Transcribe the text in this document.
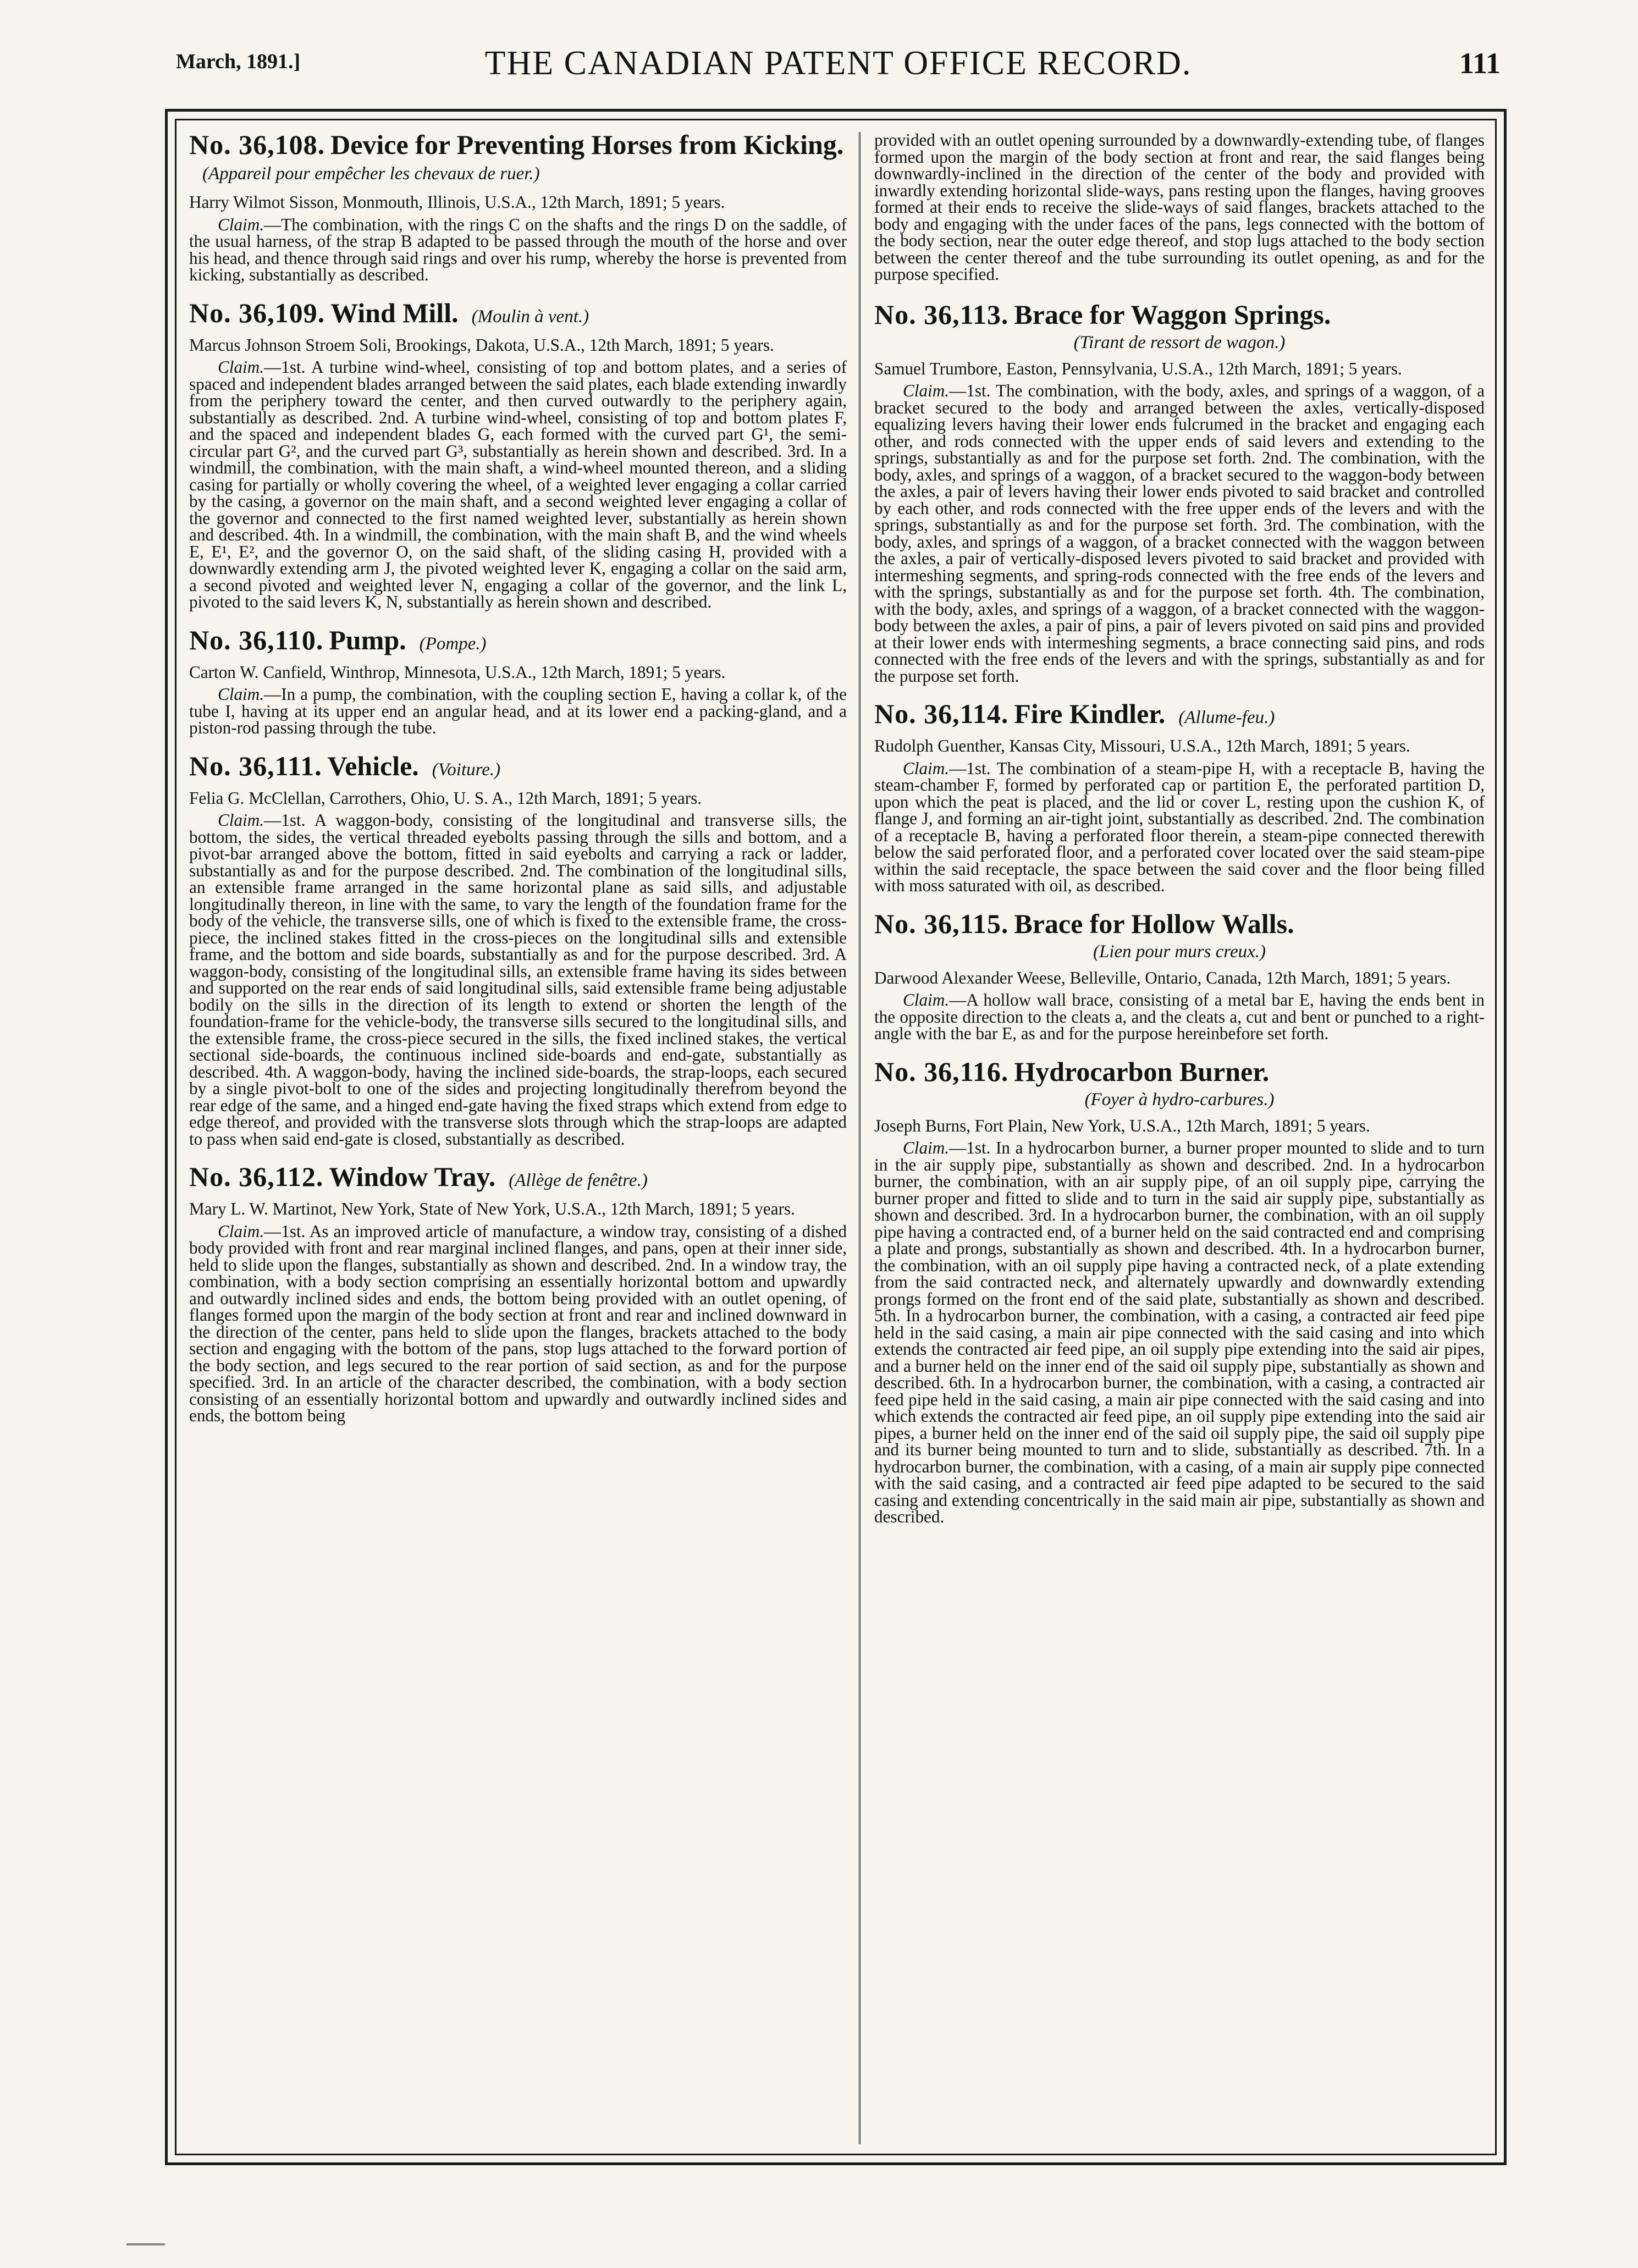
March, 1891.]	THE CANADIAN PATENT OFFICE RECORD.	111
No. 36,108. Device for Preventing Horses from Kicking.(Appareil pour empêcher les chevaux de ruer.)

Harry Wilmot Sisson, Monmouth, Illinois, U.S.A., 12th March, 1891; 5 years.

Claim.—The combination, with the rings C on the shafts and the rings D on the saddle, of the usual harness, of the strap B adapted to be passed through the mouth of the horse and over his head, and thence through said rings and over his rump, whereby the horse is prevented from kicking, substantially as described.

No. 36,109. Wind Mill. (Moulin à vent.)

Marcus Johnson Stroem Soli, Brookings, Dakota, U.S.A., 12th March, 1891; 5 years.

Claim.—1st. A turbine wind-wheel, consisting of top and bottom plates, and a series of spaced and independent blades arranged between the said plates, each blade extending inwardly from the periphery toward the center, and then curved outwardly to the periphery again, substantially as described. 2nd. A turbine wind-wheel, consisting of top and bottom plates F, and the spaced and independent blades G, each formed with the curved part G¹, the semi-circular part G², and the curved part G³, substantially as herein shown and described. 3rd. In a windmill, the combination, with the main shaft, a wind-wheel mounted thereon, and a sliding casing for partially or wholly covering the wheel, of a weighted lever engaging a collar carried by the casing, a governor on the main shaft, and a second weighted lever engaging a collar of the governor and connected to the first named weighted lever, substantially as herein shown and described. 4th. In a windmill, the combination, with the main shaft B, and the wind wheels E, E¹, E², and the governor O, on the said shaft, of the sliding casing H, provided with a downwardly extending arm J, the pivoted weighted lever K, engaging a collar on the said arm, a second pivoted and weighted lever N, engaging a collar of the governor, and the link L, pivoted to the said levers K, N, substantially as herein shown and described.

No. 36,110. Pump. (Pompe.)

Carton W. Canfield, Winthrop, Minnesota, U.S.A., 12th March, 1891; 5 years.

Claim.—In a pump, the combination, with the coupling section E, having a collar k, of the tube I, having at its upper end an angular head, and at its lower end a packing-gland, and a piston-rod passing through the tube.

No. 36,111. Vehicle. (Voiture.)

Felia G. McClellan, Carrothers, Ohio, U. S. A., 12th March, 1891; 5 years.

Claim.—1st. A waggon-body, consisting of the longitudinal and transverse sills, the bottom, the sides, the vertical threaded eyebolts passing through the sills and bottom, and a pivot-bar arranged above the bottom, fitted in said eyebolts and carrying a rack or ladder, substantially as and for the purpose described. 2nd. The combination of the longitudinal sills, an extensible frame arranged in the same horizontal plane as said sills, and adjustable longitudinally thereon, in line with the same, to vary the length of the foundation frame for the body of the vehicle, the transverse sills, one of which is fixed to the extensible frame, the cross-piece, the inclined stakes fitted in the cross-pieces on the longitudinal sills and extensible frame, and the bottom and side boards, substantially as and for the purpose described. 3rd. A waggon-body, consisting of the longitudinal sills, an extensible frame having its sides between and supported on the rear ends of said longitudinal sills, said extensible frame being adjustable bodily on the sills in the direction of its length to extend or shorten the length of the foundation-frame for the vehicle-body, the transverse sills secured to the longitudinal sills, and the extensible frame, the cross-piece secured in the sills, the fixed inclined stakes, the vertical sectional side-boards, the continuous inclined side-boards and end-gate, substantially as described. 4th. A waggon-body, having the inclined side-boards, the strap-loops, each secured by a single pivot-bolt to one of the sides and projecting longitudinally therefrom beyond the rear edge of the same, and a hinged end-gate having the fixed straps which extend from edge to edge thereof, and provided with the transverse slots through which the strap-loops are adapted to pass when said end-gate is closed, substantially as described.

No. 36,112. Window Tray. (Allège de fenêtre.)

Mary L. W. Martinot, New York, State of New York, U.S.A., 12th March, 1891; 5 years.

Claim.—1st. As an improved article of manufacture, a window tray, consisting of a dished body provided with front and rear marginal inclined flanges, and pans, open at their inner side, held to slide upon the flanges, substantially as shown and described. 2nd. In a window tray, the combination, with a body section comprising an essentially horizontal bottom and upwardly and outwardly inclined sides and ends, the bottom being provided with an outlet opening, of flanges formed upon the margin of the body section at front and rear and inclined downward in the direction of the center, pans held to slide upon the flanges, brackets attached to the body section and engaging with the bottom of the pans, stop lugs attached to the forward portion of the body section, and legs secured to the rear portion of said section, as and for the purpose specified. 3rd. In an article of the character described, the combination, with a body section consisting of an essentially horizontal bottom and upwardly and outwardly inclined sides and ends, the bottom being

provided with an outlet opening surrounded by a downwardly-extending tube, of flanges formed upon the margin of the body section at front and rear, the said flanges being downwardly-inclined in the direction of the center of the body and provided with inwardly extending horizontal slide-ways, pans resting upon the flanges, having grooves formed at their ends to receive the slide-ways of said flanges, brackets attached to the body and engaging with the under faces of the pans, legs connected with the bottom of the body section, near the outer edge thereof, and stop lugs attached to the body section between the center thereof and the tube surrounding its outlet opening, as and for the purpose specified.

No. 36,113. Brace for Waggon Springs.
(Tirant de ressort de wagon.)

Samuel Trumbore, Easton, Pennsylvania, U.S.A., 12th March, 1891; 5 years.

Claim.—1st. The combination, with the body, axles, and springs of a waggon, of a bracket secured to the body and arranged between the axles, vertically-disposed equalizing levers having their lower ends fulcrumed in the bracket and engaging each other, and rods connected with the upper ends of said levers and extending to the springs, substantially as and for the purpose set forth. 2nd. The combination, with the body, axles, and springs of a waggon, of a bracket secured to the waggon-body between the axles, a pair of levers having their lower ends pivoted to said bracket and controlled by each other, and rods connected with the free upper ends of the levers and with the springs, substantially as and for the purpose set forth. 3rd. The combination, with the body, axles, and springs of a waggon, of a bracket connected with the waggon between the axles, a pair of vertically-disposed levers pivoted to said bracket and provided with intermeshing segments, and spring-rods connected with the free ends of the levers and with the springs, substantially as and for the purpose set forth. 4th. The combination, with the body, axles, and springs of a waggon, of a bracket connected with the waggon-body between the axles, a pair of pins, a pair of levers pivoted on said pins and provided at their lower ends with intermeshing segments, a brace connecting said pins, and rods connected with the free ends of the levers and with the springs, substantially as and for the purpose set forth.

No. 36,114. Fire Kindler. (Allume-feu.)

Rudolph Guenther, Kansas City, Missouri, U.S.A., 12th March, 1891; 5 years.

Claim.—1st. The combination of a steam-pipe H, with a receptacle B, having the steam-chamber F, formed by perforated cap or partition E, the perforated partition D, upon which the peat is placed, and the lid or cover L, resting upon the cushion K, of flange J, and forming an air-tight joint, substantially as described. 2nd. The combination of a receptacle B, having a perforated floor therein, a steam-pipe connected therewith below the said perforated floor, and a perforated cover located over the said steam-pipe within the said receptacle, the space between the said cover and the floor being filled with moss saturated with oil, as described.

No. 36,115. Brace for Hollow Walls.
(Lien pour murs creux.)

Darwood Alexander Weese, Belleville, Ontario, Canada, 12th March, 1891; 5 years.

Claim.—A hollow wall brace, consisting of a metal bar E, having the ends bent in the opposite direction to the cleats a, and the cleats a, cut and bent or punched to a right-angle with the bar E, as and for the purpose hereinbefore set forth.

No. 36,116. Hydrocarbon Burner.
(Foyer à hydro-carbures.)

Joseph Burns, Fort Plain, New York, U.S.A., 12th March, 1891; 5 years.

Claim.—1st. In a hydrocarbon burner, a burner proper mounted to slide and to turn in the air supply pipe, substantially as shown and described. 2nd. In a hydrocarbon burner, the combination, with an air supply pipe, of an oil supply pipe, carrying the burner proper and fitted to slide and to turn in the said air supply pipe, substantially as shown and described. 3rd. In a hydrocarbon burner, the combination, with an oil supply pipe having a contracted end, of a burner held on the said contracted end and comprising a plate and prongs, substantially as shown and described. 4th. In a hydrocarbon burner, the combination, with an oil supply pipe having a contracted neck, of a plate extending from the said contracted neck, and alternately upwardly and downwardly extending prongs formed on the front end of the said plate, substantially as shown and described. 5th. In a hydrocarbon burner, the combination, with a casing, a contracted air feed pipe held in the said casing, a main air pipe connected with the said casing and into which extends the contracted air feed pipe, an oil supply pipe extending into the said air pipes, and a burner held on the inner end of the said oil supply pipe, substantially as shown and described. 6th. In a hydrocarbon burner, the combination, with a casing, a contracted air feed pipe held in the said casing, a main air pipe connected with the said casing and into which extends the contracted air feed pipe, an oil supply pipe extending into the said air pipes, a burner held on the inner end of the said oil supply pipe, the said oil supply pipe and its burner being mounted to turn and to slide, substantially as described. 7th. In a hydrocarbon burner, the combination, with a casing, of a main air supply pipe connected with the said casing, and a contracted air feed pipe adapted to be secured to the said casing and extending concentrically in the said main air pipe, substantially as shown and described.
